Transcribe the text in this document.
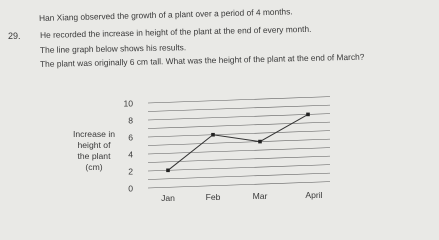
29.
Han Xiang observed the growth of a plant over a period of 4 months.
He recorded the increase in height of the plant at the end of every month.
The line graph below shows his results.
The plant was originally 6 cm tall. What was the height of the plant at the end of March?
Increase in
height of
the plant
(cm)
0
2
4
6
8
10
Jan	Feb	Mar	April
